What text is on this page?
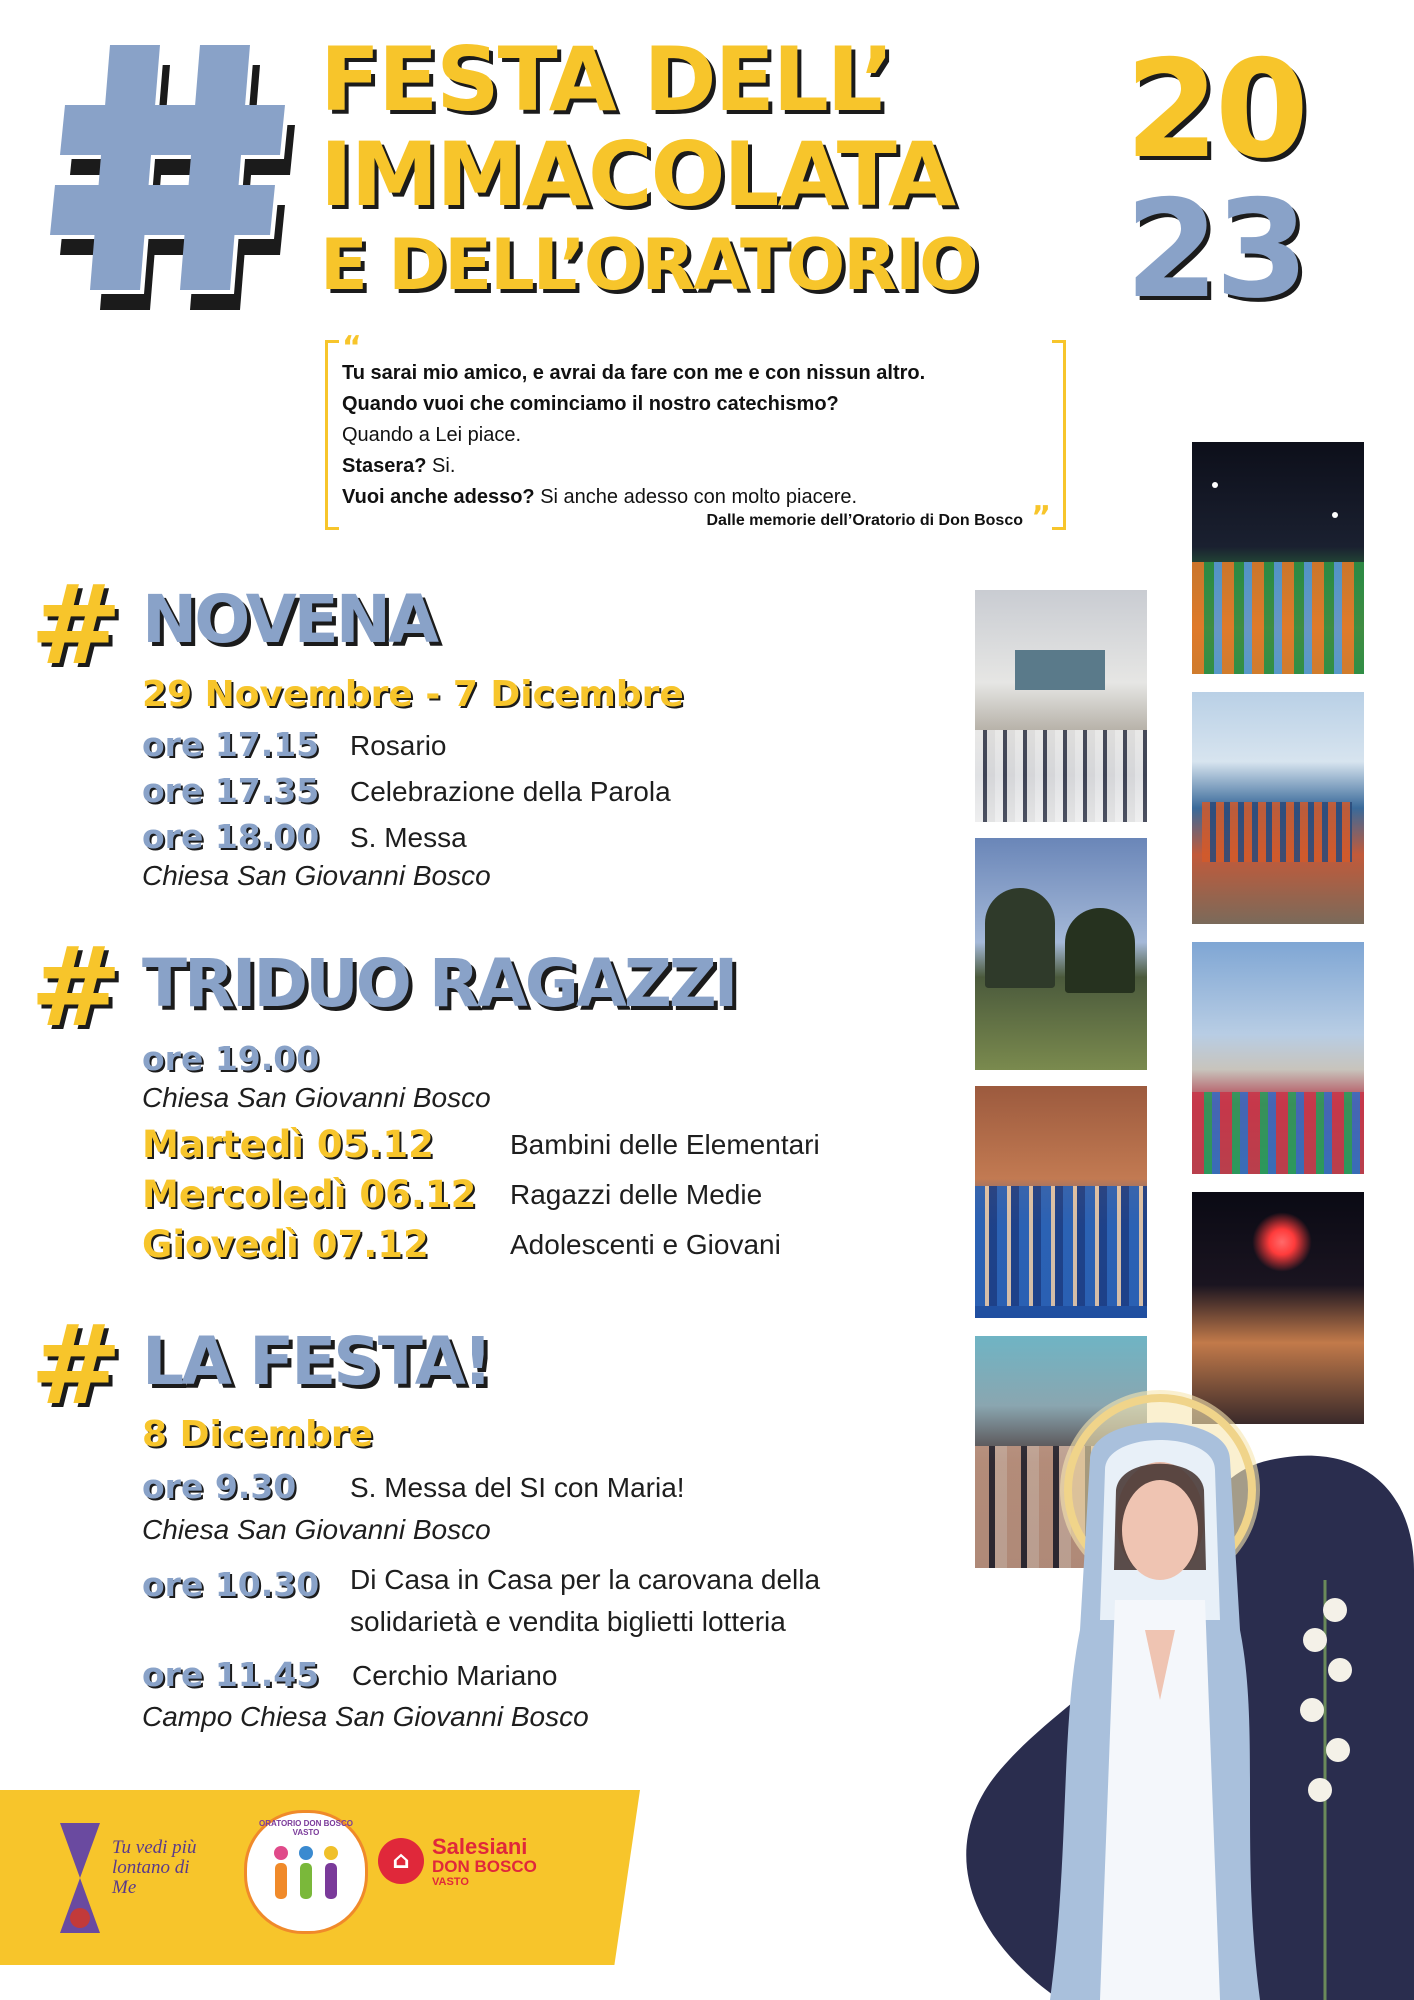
FESTA DELL’
IMMACOLATA
E DELL’ORATORIO
20
23
“
Tu sarai mio amico, e avrai da fare con me e con nissun altro.
Quando vuoi che cominciamo il nostro catechismo?
Quando a Lei piace.
Stasera? Si.
Vuoi anche adesso? Si anche adesso con molto piacere.
Dalle memorie dell’Oratorio di Don Bosco ”
# NOVENA
29 Novembre - 7 Dicembre
ore 17.15 Rosario
ore 17.35 Celebrazione della Parola
ore 18.00 S. Messa
Chiesa San Giovanni Bosco
# TRIDUO RAGAZZI
ore 19.00
Chiesa San Giovanni Bosco
Martedì 05.12	Bambini delle Elementari
Mercoledì 06.12 Ragazzi delle Medie
Giovedì 07.12	Adolescenti e Giovani
# LA FESTA!
8 Dicembre
ore 9.30 S. Messa del SI con Maria!
Chiesa San Giovanni Bosco
ore 10.30 Di Casa in Casa per la carovana della
solidarietà e vendita biglietti lotteria
ore 11.45 Cerchio Mariano
Campo Chiesa San Giovanni Bosco
Tu vedi più lontano di Me
ORATORIO DON BOSCO VASTO
⌂ Salesiani
DON BOSCO
VASTO
